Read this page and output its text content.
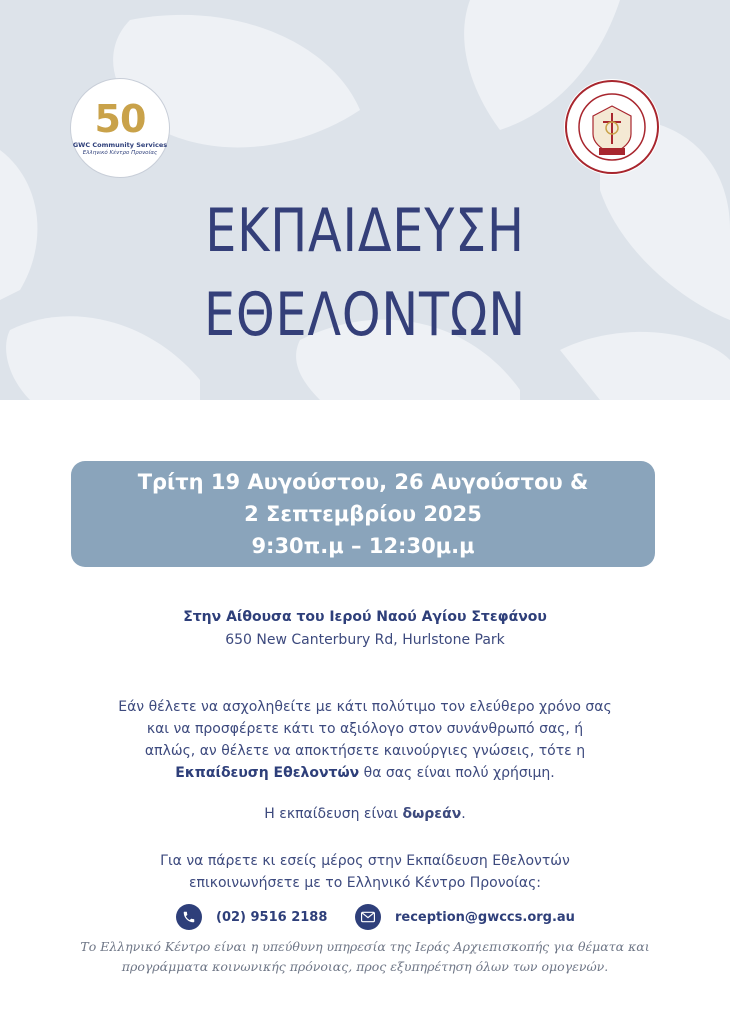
50
GWC Community Services
Ελληνικό Κέντρο Προνοίας
ΕΚΠΑΙΔΕΥΣΗ
ΕΘΕΛΟΝΤΩΝ
Τρίτη 19 Αυγούστου, 26 Αυγούστου &
2 Σεπτεμβρίου 2025
9:30π.μ – 12:30μ.μ
Στην Αίθουσα του Ιερού Ναού Αγίου Στεφάνου
650 New Canterbury Rd, Hurlstone Park
Εάν θέλετε να ασχοληθείτε με κάτι πολύτιμο τον ελεύθερο χρόνο σας
και να προσφέρετε κάτι το αξιόλογο στον συνάνθρωπό σας, ή
απλώς, αν θέλετε να αποκτήσετε καινούργιες γνώσεις, τότε η
Εκπαίδευση Εθελοντών θα σας είναι πολύ χρήσιμη.
Η εκπαίδευση είναι δωρεάν.
Για να πάρετε κι εσείς μέρος στην Εκπαίδευση Εθελοντών
επικοινωνήσετε με το Ελληνικό Κέντρο Προνοίας:
(02) 9516 2188	reception@gwccs.org.au
Το Ελληνικό Κέντρο είναι η υπεύθυνη υπηρεσία της Ιεράς Αρχιεπισκοπής για θέματα και
προγράμματα κοινωνικής πρόνοιας, προς εξυπηρέτηση όλων των ομογενών.
